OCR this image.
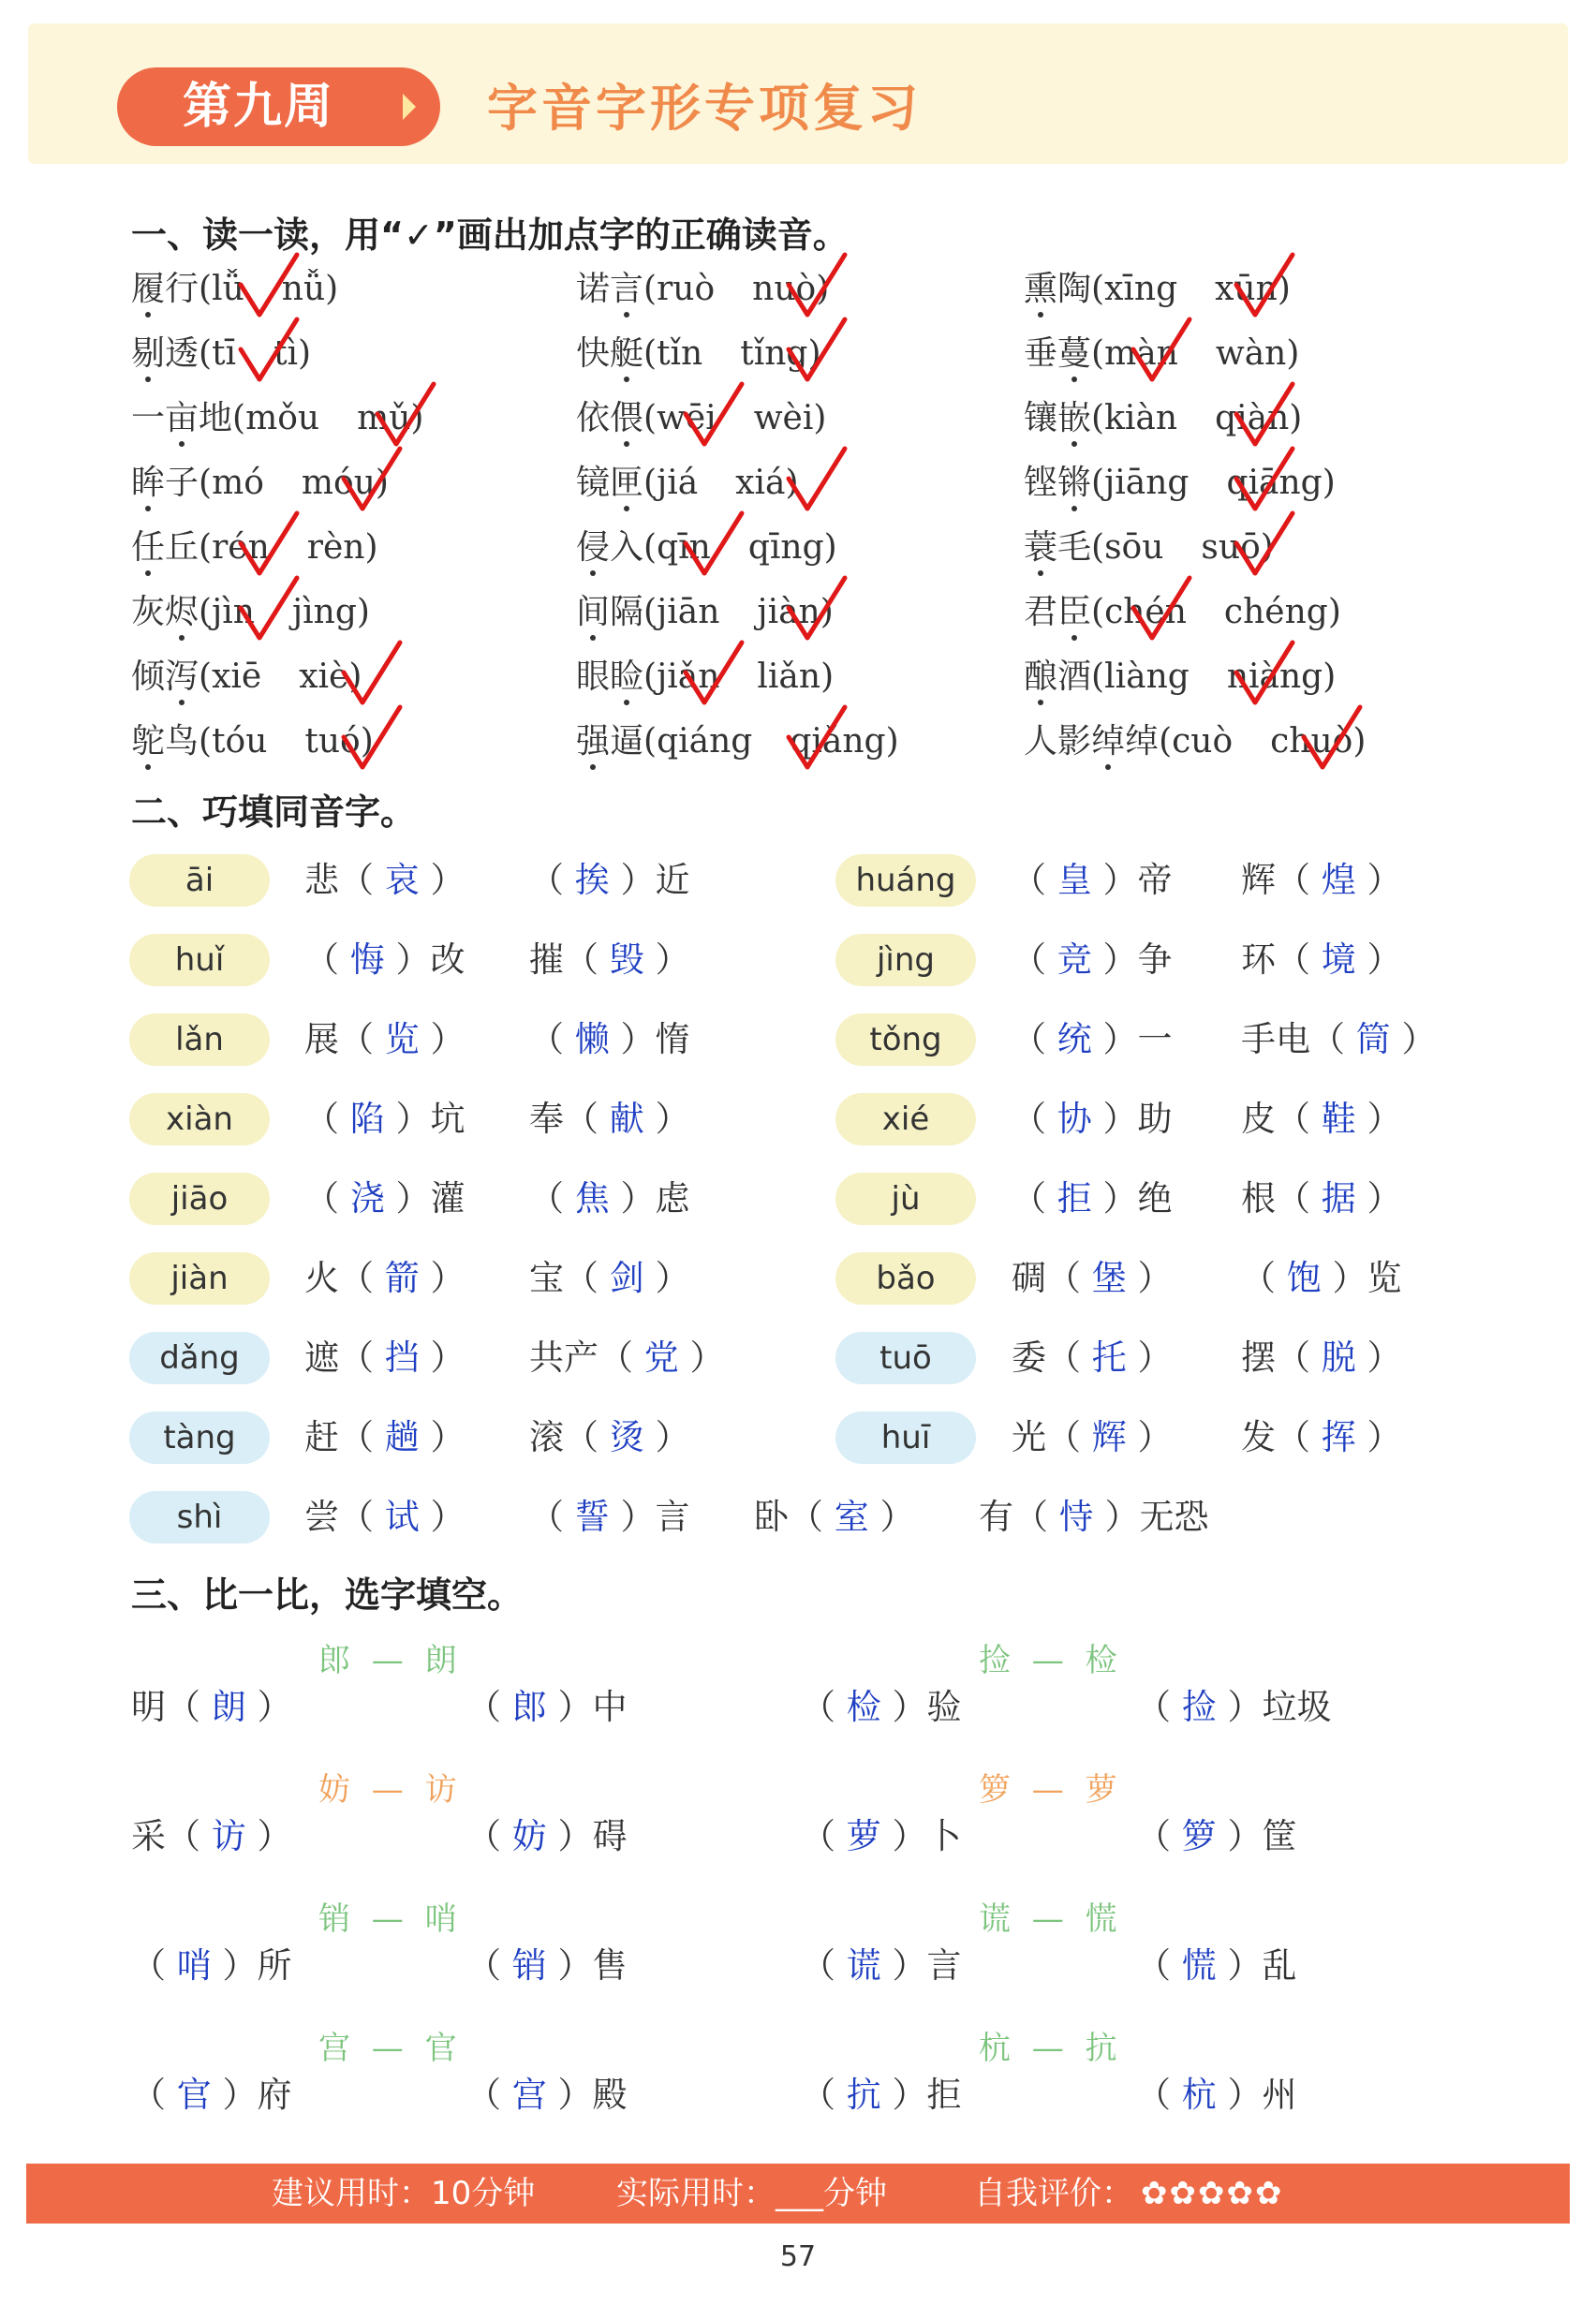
第九周	字音字形专项复习
一、读一读，用“✓”画出加点字的正确读音。
履行(lǚ nǚ)	诺言(ruò nuò)	熏陶(xīng xūn)
剔透(tī tì)	快艇(tǐn tǐng)	垂蔓(màn wàn)
一亩地(mǒu mǔ)	依偎(wēi wèi)	镶嵌(kiàn qiàn)
眸子(mó móu)	镜匣(jiá xiá)	铿锵(jiāng qiāng)
任丘(rén rèn)	侵入(qīn qīng)	蓑毛(sōu suō)
灰烬(jìn jìng)	间隔(jiān jiàn)	君臣(chén chéng)
倾泻(xiē xiè)	眼睑(jiǎn liǎn)	酿酒(liàng niàng)
鸵鸟(tóu tuó)	强逼(qiáng qiǎng)	人影绰绰(cuò chuò)
二、巧填同音字。
āi	悲（ 哀 ） （ 挨 ）近	huáng	（ 皇 ）帝 辉（ 煌 ）
huǐ	（ 悔 ）改 摧（ 毁 ）	jìng	（ 竞 ）争 环（ 境 ）
lǎn	展（ 览 ） （ 懒 ）惰	tǒng	（ 统 ）一 手电（ 筒 ）
xiàn	（ 陷 ）坑 奉（ 献 ）	xié	（ 协 ）助 皮（ 鞋 ）
jiāo	（ 浇 ）灌 （ 焦 ）虑	jù	（ 拒 ）绝 根（ 据 ）
jiàn	火（ 箭 ） 宝（ 剑 ）	bǎo	碉（ 堡 ） （ 饱 ）览
dǎng	遮（ 挡 ） 共产（ 党 ）	tuō	委（ 托 ） 摆（ 脱 ）
tàng	赶（ 趟 ） 滚（ 烫 ）	huī	光（ 辉 ） 发（ 挥 ）
shì	尝（ 试 ） （ 誓 ）言 卧（ 室 ） 有（ 恃 ）无恐
三、比一比，选字填空。
郎 — 朗
明（ 朗 ）	（ 郎 ）中
捡 — 检
（ 检 ）验	（ 捡 ）垃圾
妨 — 访
采（ 访 ）	（ 妨 ）碍
箩 — 萝
（ 萝 ）卜	（ 箩 ）筐
销 — 哨
（ 哨 ）所	（ 销 ）售
谎 — 慌
（ 谎 ）言	（ 慌 ）乱
宫 — 官
（ 官 ）府	（ 宫 ）殿
杭 — 抗
（ 抗 ）拒	（ 杭 ）州
建议用时：10分钟	实际用时：___分钟	自我评价： ✿✿✿✿✿
57
